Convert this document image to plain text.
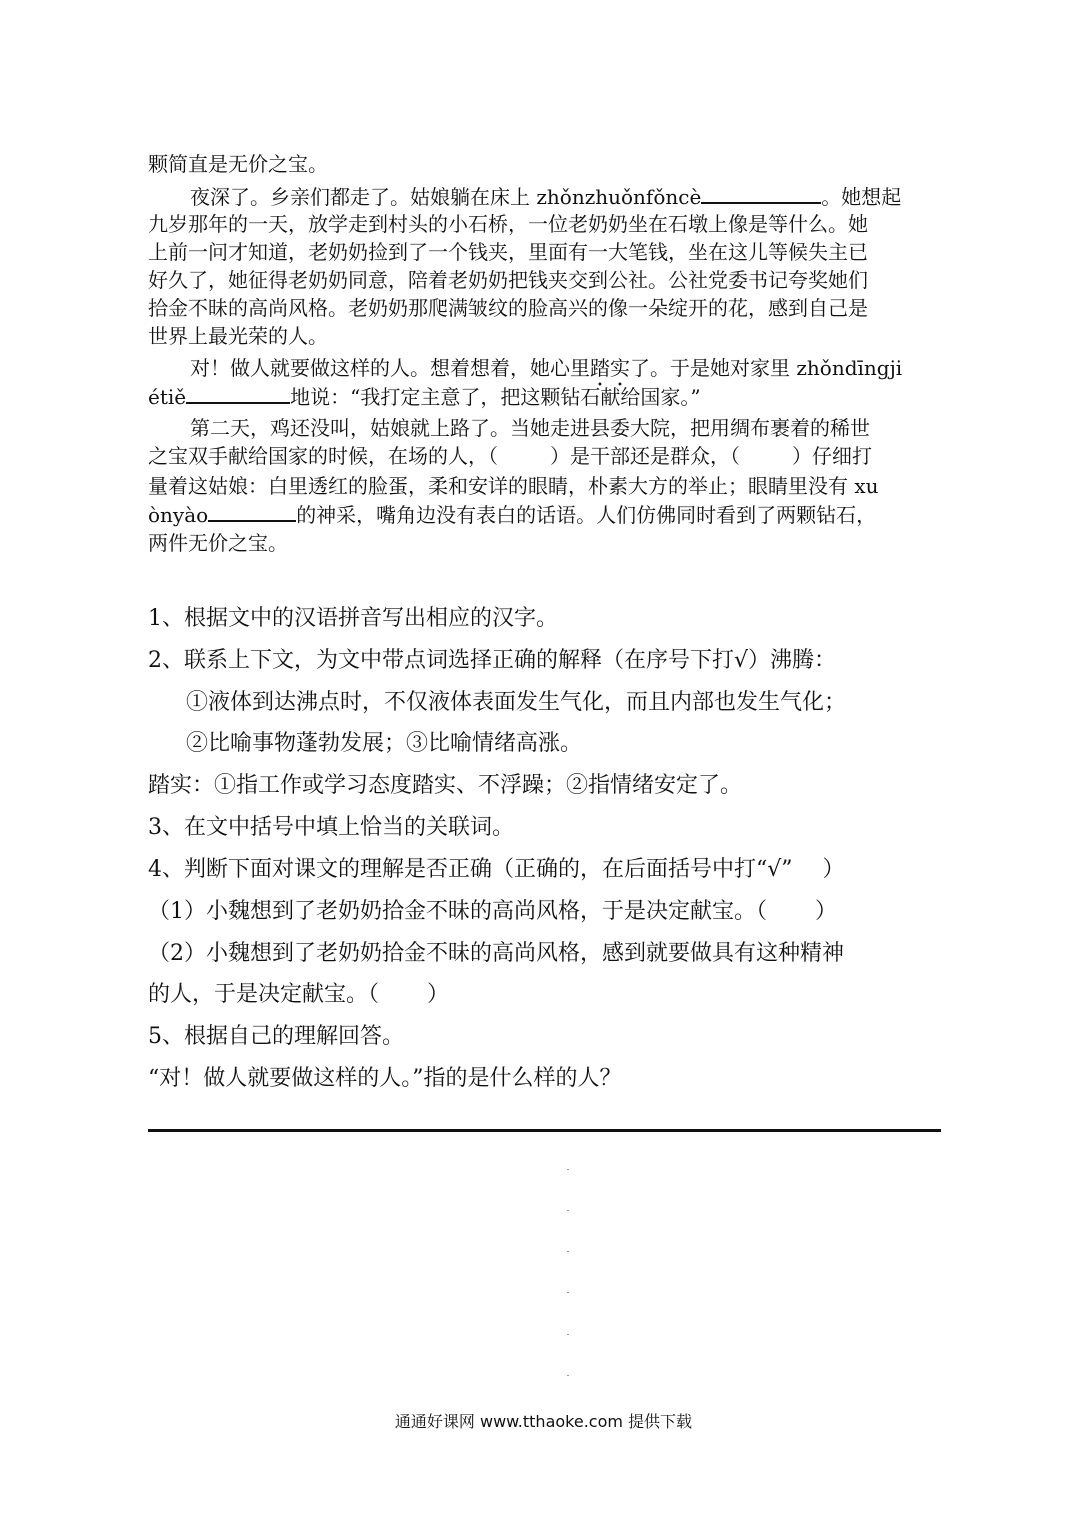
颗简直是无价之宝。
夜深了。乡亲们都走了。姑娘躺在床上 zhǒnzhuǒnfǒncè	。她想起
九岁那年的一天，放学走到村头的小石桥，一位老奶奶坐在石墩上像是等什么。她
上前一问才知道，老奶奶捡到了一个钱夹，里面有一大笔钱，坐在这儿等候失主已
好久了，她征得老奶奶同意，陪着老奶奶把钱夹交到公社。公社党委书记夸奖她们
拾金不昧的高尚风格。老奶奶那爬满皱纹的脸高兴的像一朵绽开的花，感到自己是
世界上最光荣的人。
对！做人就要做这样的人。想着想着，她心里踏实了。于是她对家里 zhǒndīngji
étiě	地说：“我打定主意了，把这颗钻石献给国家。”
第二天，鸡还没叫，姑娘就上路了。当她走进县委大院，把用绸布裹着的稀世
之宝双手献给国家的时候，在场的人，（	）是干部还是群众，（	）仔细打
量着这姑娘：白里透红的脸蛋，柔和安详的眼睛，朴素大方的举止；眼睛里没有 xu
ònyào	的神采，嘴角边没有表白的话语。人们仿佛同时看到了两颗钻石，
两件无价之宝。
1、根据文中的汉语拼音写出相应的汉字。
2、联系上下文，为文中带点词选择正确的解释（在序号下打√）沸腾：
①液体到达沸点时，不仅液体表面发生气化，而且内部也发生气化；
②比喻事物蓬勃发展；③比喻情绪高涨。
踏实：①指工作或学习态度踏实、不浮躁；②指情绪安定了。
3、在文中括号中填上恰当的关联词。
4、判断下面对课文的理解是否正确（正确的，在后面括号中打“√” ）
（1）小魏想到了老奶奶拾金不昧的高尚风格，于是决定献宝。（ ）
（2）小魏想到了老奶奶拾金不昧的高尚风格，感到就要做具有这种精神
的人，于是决定献宝。（ ）
5、根据自己的理解回答。
“对！做人就要做这样的人。”指的是什么样的人？
通通好课网 www.tthaoke.com 提供下载
